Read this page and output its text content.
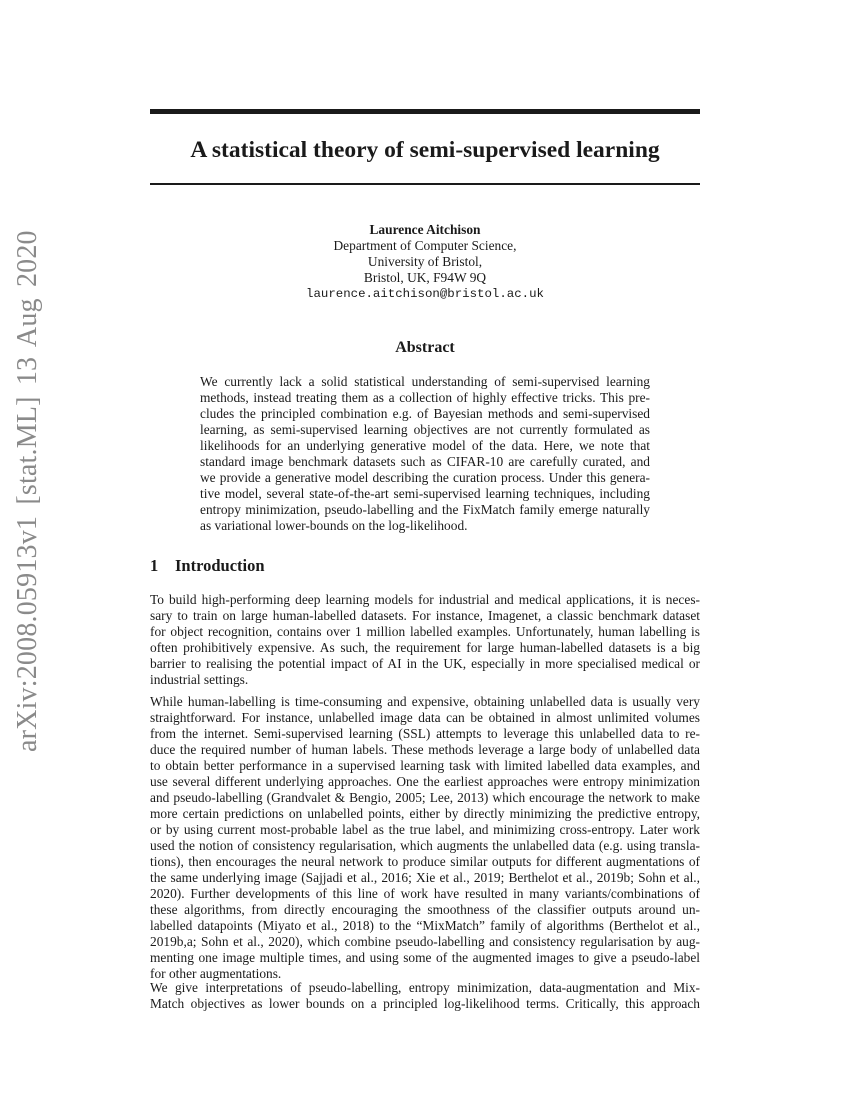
arXiv:2008.05913v1 [stat.ML] 13 Aug 2020
A statistical theory of semi-supervised learning
Laurence Aitchison
Department of Computer Science,
University of Bristol,
Bristol, UK, F94W 9Q
laurence.aitchison@bristol.ac.uk
Abstract
We currently lack a solid statistical understanding of semi-supervised learning
methods, instead treating them as a collection of highly effective tricks. This pre-
cludes the principled combination e.g. of Bayesian methods and semi-supervised
learning, as semi-supervised learning objectives are not currently formulated as
likelihoods for an underlying generative model of the data. Here, we note that
standard image benchmark datasets such as CIFAR-10 are carefully curated, and
we provide a generative model describing the curation process. Under this genera-
tive model, several state-of-the-art semi-supervised learning techniques, including
entropy minimization, pseudo-labelling and the FixMatch family emerge naturally
as variational lower-bounds on the log-likelihood.
1 Introduction
To build high-performing deep learning models for industrial and medical applications, it is neces-
sary to train on large human-labelled datasets. For instance, Imagenet, a classic benchmark dataset
for object recognition, contains over 1 million labelled examples. Unfortunately, human labelling is
often prohibitively expensive. As such, the requirement for large human-labelled datasets is a big
barrier to realising the potential impact of AI in the UK, especially in more specialised medical or
industrial settings.
While human-labelling is time-consuming and expensive, obtaining unlabelled data is usually very
straightforward. For instance, unlabelled image data can be obtained in almost unlimited volumes
from the internet. Semi-supervised learning (SSL) attempts to leverage this unlabelled data to re-
duce the required number of human labels. These methods leverage a large body of unlabelled data
to obtain better performance in a supervised learning task with limited labelled data examples, and
use several different underlying approaches. One the earliest approaches were entropy minimization
and pseudo-labelling (Grandvalet & Bengio, 2005; Lee, 2013) which encourage the network to make
more certain predictions on unlabelled points, either by directly minimizing the predictive entropy,
or by using current most-probable label as the true label, and minimizing cross-entropy. Later work
used the notion of consistency regularisation, which augments the unlabelled data (e.g. using transla-
tions), then encourages the neural network to produce similar outputs for different augmentations of
the same underlying image (Sajjadi et al., 2016; Xie et al., 2019; Berthelot et al., 2019b; Sohn et al.,
2020). Further developments of this line of work have resulted in many variants/combinations of
these algorithms, from directly encouraging the smoothness of the classifier outputs around un-
labelled datapoints (Miyato et al., 2018) to the “MixMatch” family of algorithms (Berthelot et al.,
2019b,a; Sohn et al., 2020), which combine pseudo-labelling and consistency regularisation by aug-
menting one image multiple times, and using some of the augmented images to give a pseudo-label
for other augmentations.
We give interpretations of pseudo-labelling, entropy minimization, data-augmentation and Mix-
Match objectives as lower bounds on a principled log-likelihood terms. Critically, this approach
